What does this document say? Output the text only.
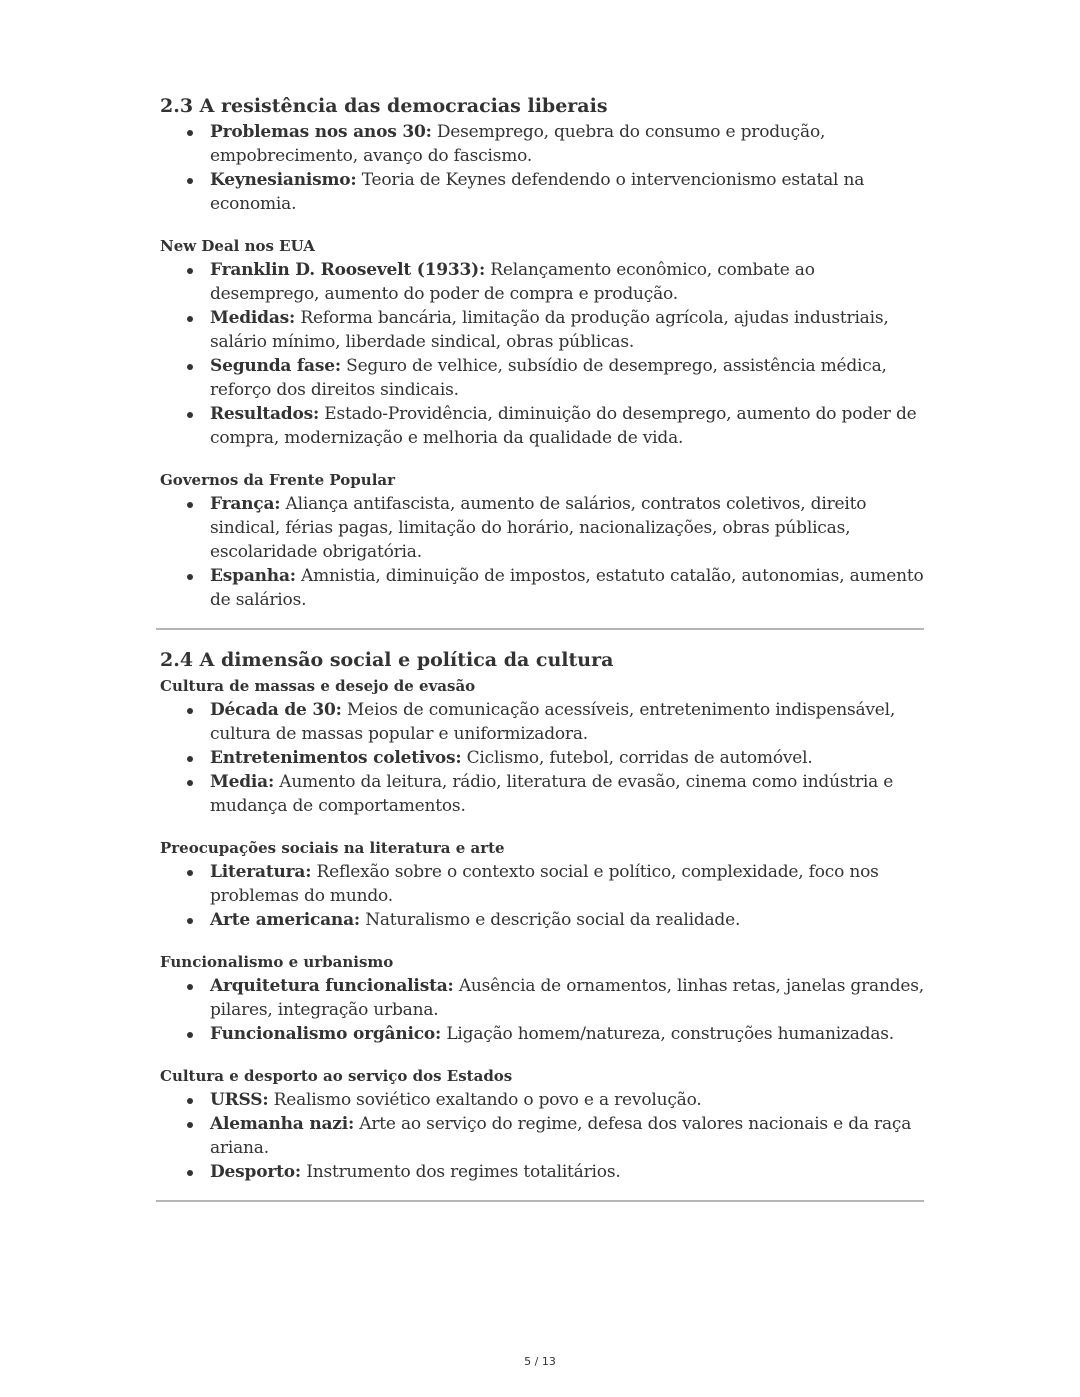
2.3 A resistência das democracias liberais
Problemas nos anos 30: Desemprego, quebra do consumo e produção, empobrecimento, avanço do fascismo.
Keynesianismo: Teoria de Keynes defendendo o intervencionismo estatal na economia.
New Deal nos EUA
Franklin D. Roosevelt (1933): Relançamento econômico, combate ao desemprego, aumento do poder de compra e produção.
Medidas: Reforma bancária, limitação da produção agrícola, ajudas industriais, salário mínimo, liberdade sindical, obras públicas.
Segunda fase: Seguro de velhice, subsídio de desemprego, assistência médica, reforço dos direitos sindicais.
Resultados: Estado-Providência, diminuição do desemprego, aumento do poder de compra, modernização e melhoria da qualidade de vida.
Governos da Frente Popular
França: Aliança antifascista, aumento de salários, contratos coletivos, direito sindical, férias pagas, limitação do horário, nacionalizações, obras públicas, escolaridade obrigatória.
Espanha: Amnistia, diminuição de impostos, estatuto catalão, autonomias, aumento de salários.
2.4 A dimensão social e política da cultura
Cultura de massas e desejo de evasão
Década de 30: Meios de comunicação acessíveis, entretenimento indispensável, cultura de massas popular e uniformizadora.
Entretenimentos coletivos: Ciclismo, futebol, corridas de automóvel.
Media: Aumento da leitura, rádio, literatura de evasão, cinema como indústria e mudança de comportamentos.
Preocupações sociais na literatura e arte
Literatura: Reflexão sobre o contexto social e político, complexidade, foco nos problemas do mundo.
Arte americana: Naturalismo e descrição social da realidade.
Funcionalismo e urbanismo
Arquitetura funcionalista: Ausência de ornamentos, linhas retas, janelas grandes, pilares, integração urbana.
Funcionalismo orgânico: Ligação homem/natureza, construções humanizadas.
Cultura e desporto ao serviço dos Estados
URSS: Realismo soviético exaltando o povo e a revolução.
Alemanha nazi: Arte ao serviço do regime, defesa dos valores nacionais e da raça ariana.
Desporto: Instrumento dos regimes totalitários.
5 / 13
